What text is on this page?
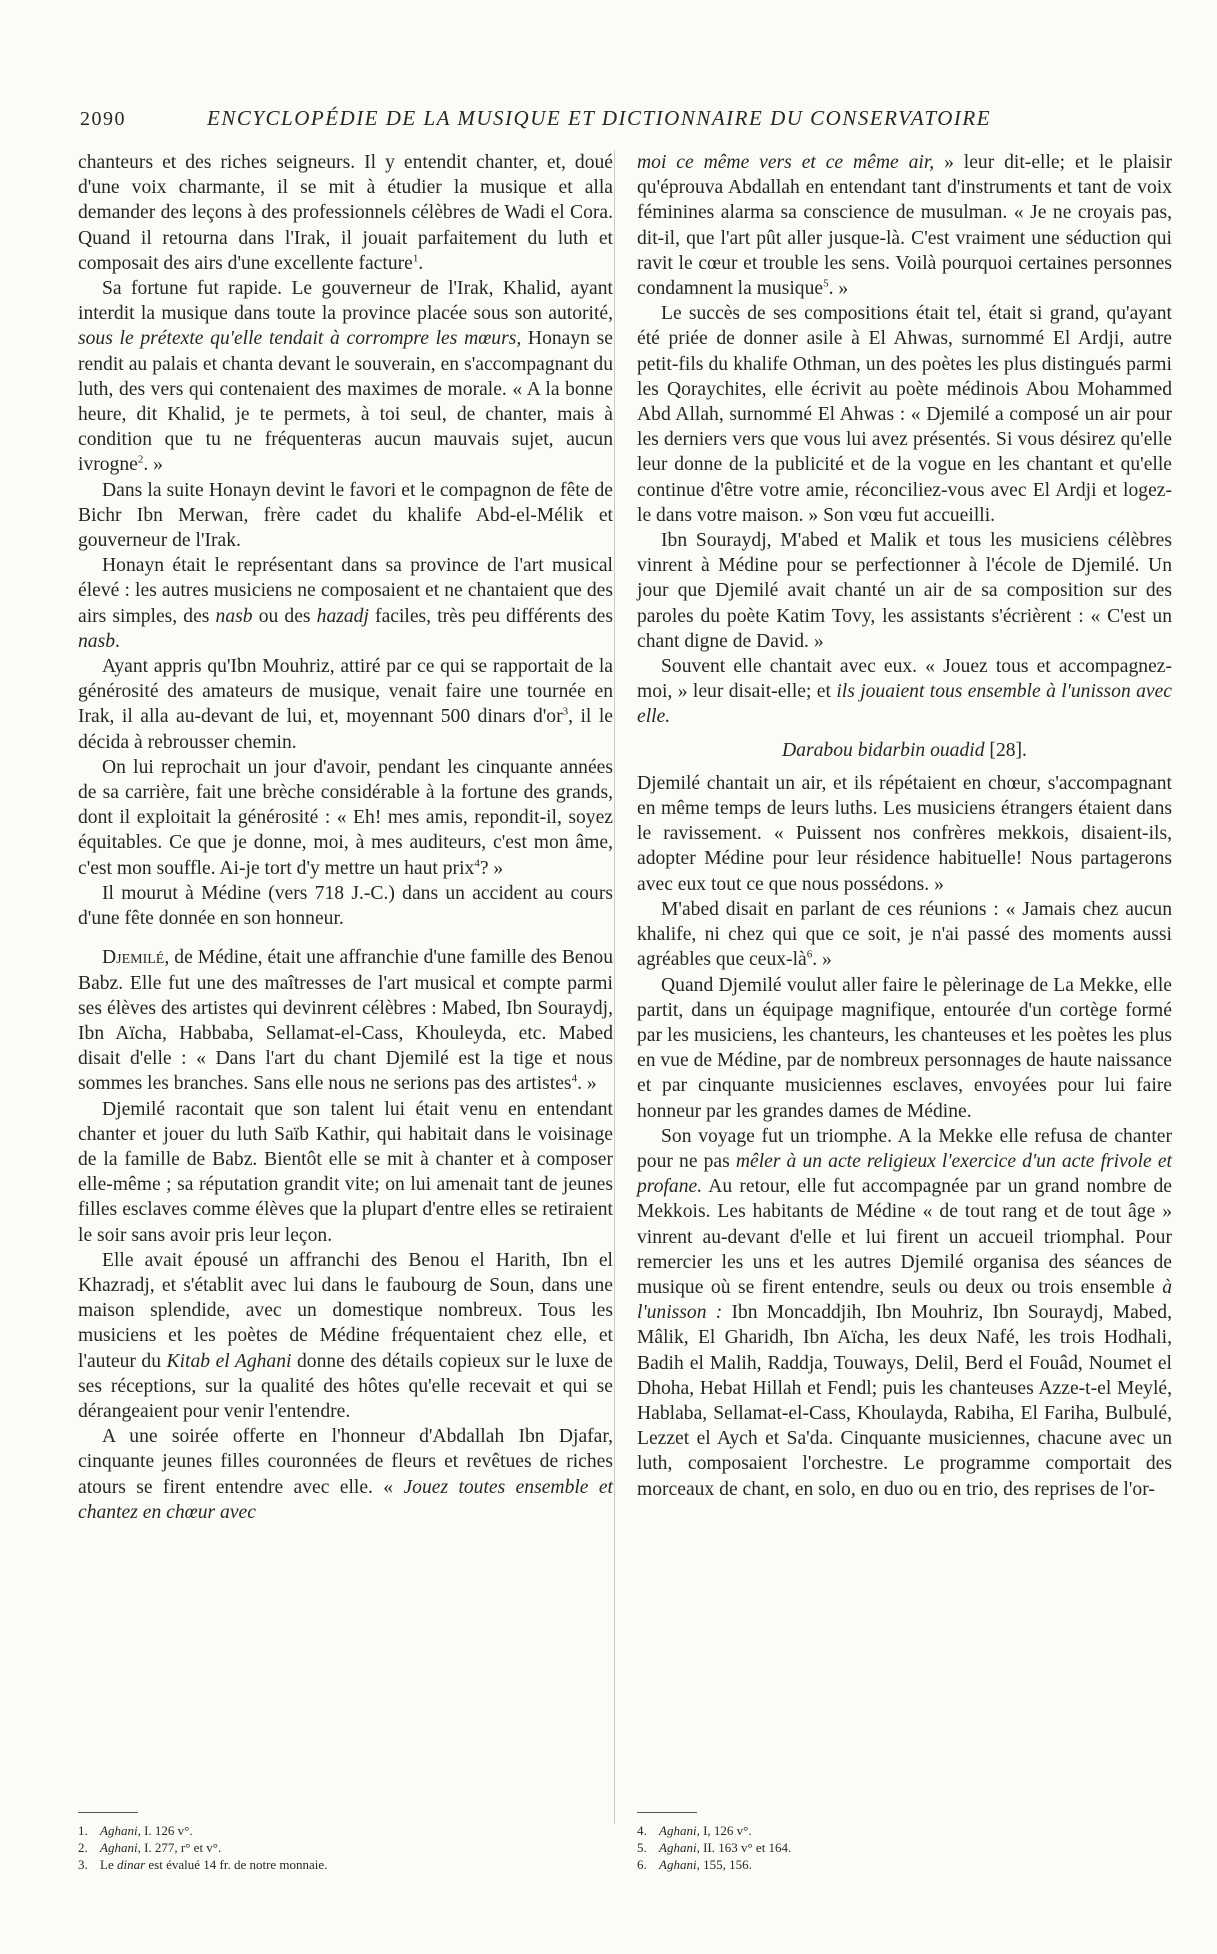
2090	ENCYCLOPÉDIE DE LA MUSIQUE ET DICTIONNAIRE DU CONSERVATOIRE

chanteurs et des riches seigneurs. Il y entendit chanter, et, doué d'une voix charmante, il se mit à étudier la musique et alla demander des leçons à des professionnels célèbres de Wadi el Cora. Quand il retourna dans l'Irak, il jouait parfaitement du luth et composait des airs d'une excellente facture$^1$.

Sa fortune fut rapide. Le gouverneur de l'Irak, Khalid, ayant interdit la musique dans toute la province placée sous son autorité, sous le prétexte qu'elle tendait à corrompre les mœurs, Honayn se rendit au palais et chanta devant le souverain, en s'accompagnant du luth, des vers qui contenaient des maximes de morale. « A la bonne heure, dit Khalid, je te permets, à toi seul, de chanter, mais à condition que tu ne fréquenteras aucun mauvais sujet, aucun ivrogne$^2$. »

Dans la suite Honayn devint le favori et le compagnon de fête de Bichr Ibn Merwan, frère cadet du khalife Abd-el-Mélik et gouverneur de l'Irak.

Honayn était le représentant dans sa province de l'art musical élevé : les autres musiciens ne composaient et ne chantaient que des airs simples, des nasb ou des hazadj faciles, très peu différents des nasb.

Ayant appris qu'Ibn Mouhriz, attiré par ce qui se rapportait de la générosité des amateurs de musique, venait faire une tournée en Irak, il alla au-devant de lui, et, moyennant 500 dinars $d'or^3$, il le décida à rebrousser chemin.

On lui reprochait un jour d'avoir, pendant les cinquante années de sa carrière, fait une brèche considérable à la fortune des grands, dont il exploitait la générosité : « Eh! mes amis, repondit-il, soyez équitables. Ce que je donne, moi, à mes auditeurs, c'est mon âme, c'est mon souffle. Ai-je tort d'y mettre un haut prix$^4$? »

Il mourut à Médine (vers 718 J.-C.) dans un accident au cours d'une fête donnée en son honneur.

Djemilé, de Médine, était une affranchie d'une famille des Benou Babz. Elle fut une des maîtresses de l'art musical et compte parmi ses élèves des artistes qui devinrent célèbres : Mabed, Ibn Souraydj, Ibn Aïcha, Habbaba, Sellamat-el-Cass, Khouleyda, etc. Mabed disait d'elle : « Dans l'art du chant Djemilé est la tige et nous sommes les branches. Sans elle nous ne serions pas des artistes$^4$. »

Djemilé racontait que son talent lui était venu en entendant chanter et jouer du luth Saïb Kathir, qui habitait dans le voisinage de la famille de Babz. Bientôt elle se mit à chanter et à composer elle-même ; sa réputation grandit vite; on lui amenait tant de jeunes filles esclaves comme élèves que la plupart d'entre elles se retiraient le soir sans avoir pris leur leçon.

Elle avait épousé un affranchi des Benou el Harith, Ibn el Khazradj, et s'établit avec lui dans le faubourg de Soun, dans une maison splendide, avec un domestique nombreux. Tous les musiciens et les poètes de Médine fréquentaient chez elle, et l'auteur du Kitab el Aghani donne des détails copieux sur le luxe de ses réceptions, sur la qualité des hôtes qu'elle recevait et qui se dérangeaient pour venir l'entendre.

A une soirée offerte en l'honneur d'Abdallah Ibn Djafar, cinquante jeunes filles couronnées de fleurs et revêtues de riches atours se firent entendre avec elle. « Jouez toutes ensemble et chantez en chœur avec

moi ce même vers et ce même air, » leur dit-elle; et le plaisir qu'éprouva Abdallah en entendant tant d'instruments et tant de voix féminines alarma sa conscience de musulman. « Je ne croyais pas, dit-il, que l'art pût aller jusque-là. C'est vraiment une séduction qui ravit le cœur et trouble les sens. Voilà pourquoi certaines personnes condamnent la musique$^5$. »

Le succès de ses compositions était tel, était si grand, qu'ayant été priée de donner asile à El Ahwas, surnommé El Ardji, autre petit-fils du khalife Othman, un des poètes les plus distingués parmi les Qoraychites, elle écrivit au poète médinois Abou Mohammed Abd Allah, surnommé El Ahwas : « Djemilé a composé un air pour les derniers vers que vous lui avez présentés. Si vous désirez qu'elle leur donne de la publicité et de la vogue en les chantant et qu'elle continue d'être votre amie, réconciliez-vous avec El Ardji et logez-le dans votre maison. » Son vœu fut accueilli.

Ibn Souraydj, M'abed et Malik et tous les musiciens célèbres vinrent à Médine pour se perfectionner à l'école de Djemilé. Un jour que Djemilé avait chanté un air de sa composition sur des paroles du poète Katim Tovy, les assistants s'écrièrent : « C'est un chant digne de David. »

Souvent elle chantait avec eux. « Jouez tous et accompagnez-moi, » leur disait-elle; et ils jouaient tous ensemble à l'unisson avec elle.

Darabou bidarbin ouadid [28].

Djemilé chantait un air, et ils répétaient en chœur, s'accompagnant en même temps de leurs luths. Les musiciens étrangers étaient dans le ravissement. « Puissent nos confrères mekkois, disaient-ils, adopter Médine pour leur résidence habituelle! Nous partagerons avec eux tout ce que nous possédons. »

M'abed disait en parlant de ces réunions : « Jamais chez aucun khalife, ni chez qui que ce soit, je n'ai passé des moments aussi agréables que ceux-$là^6$. »

Quand Djemilé voulut aller faire le pèlerinage de La Mekke, elle partit, dans un équipage magnifique, entourée d'un cortège formé par les musiciens, les chanteurs, les chanteuses et les poètes les plus en vue de Médine, par de nombreux personnages de haute naissance et par cinquante musiciennes esclaves, envoyées pour lui faire honneur par les grandes dames de Médine.

Son voyage fut un triomphe. A la Mekke elle refusa de chanter pour ne pas mêler à un acte religieux l'exercice d'un acte frivole et profane. Au retour, elle fut accompagnée par un grand nombre de Mekkois. Les habitants de Médine « de tout rang et de tout âge » vinrent au-devant d'elle et lui firent un accueil triomphal. Pour remercier les uns et les autres Djemilé organisa des séances de musique où se firent entendre, seuls ou deux ou trois ensemble à l'unisson : Ibn Moncaddjih, Ibn Mouhriz, Ibn Souraydj, Mabed, Mâlik, El Gharidh, Ibn Aïcha, les deux Nafé, les trois Hodhali, Badih el Malih, Raddja, Touways, Delil, Berd el Fouâd, Noumet el Dhoha, Hebat Hillah et Fendl; puis les chanteuses Azze-t-el Meylé, Hablaba, Sellamat-el-Cass, Khoulayda, Rabiha, El Fariha, Bulbulé, Lezzet el Aych et Sa'da. Cinquante musiciennes, chacune avec un luth, composaient l'orchestre. Le programme comportait des morceaux de chant, en solo, en duo ou en trio, des reprises de l'or-

1. Aghani, I. 126 v°.
2. Aghani, I. 277, r° et v°.
3. Le dinar est évalué 14 fr. de notre monnaie.
4. Aghani, I, 126 v°.
5. Aghani, II. 163 v° et 164.
6. Aghani, 155, 156.
